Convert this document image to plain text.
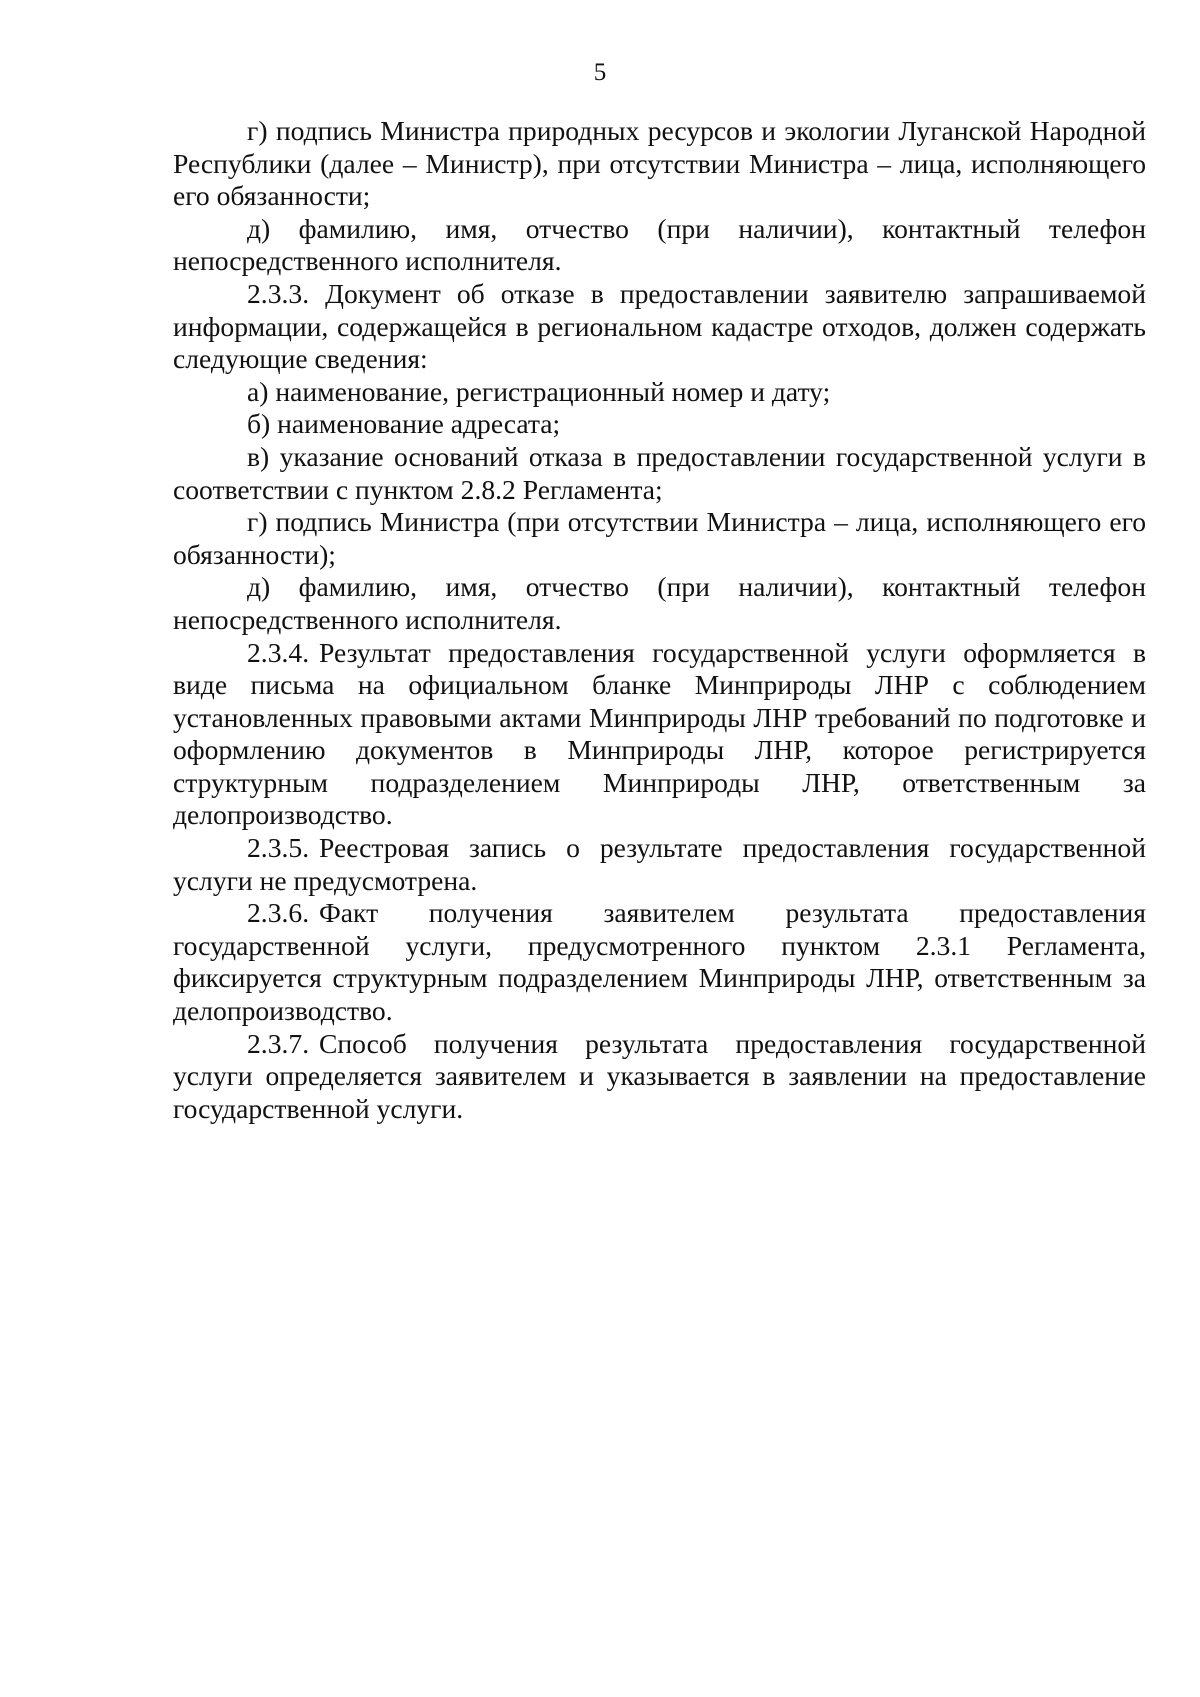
5

г) подпись Министра природных ресурсов и экологии Луганской Народной Республики (далее – Министр), при отсутствии Министра – лица, исполняющего его обязанности;

д) фамилию, имя, отчество (при наличии), контактный телефон непосредственного исполнителя.

2.3.3. Документ об отказе в предоставлении заявителю запрашиваемой информации, содержащейся в региональном кадастре отходов, должен содержать следующие сведения:

а) наименование, регистрационный номер и дату;

б) наименование адресата;

в) указание оснований отказа в предоставлении государственной услуги в соответствии с пунктом 2.8.2 Регламента;

г) подпись Министра (при отсутствии Министра – лица, исполняющего его обязанности);

д) фамилию, имя, отчество (при наличии), контактный телефон непосредственного исполнителя.

2.3.4. Результат предоставления государственной услуги оформляется в виде письма на официальном бланке Минприроды ЛНР с соблюдением установленных правовыми актами Минприроды ЛНР требований по подготовке и оформлению документов в Минприроды ЛНР, которое регистрируется структурным подразделением Минприроды ЛНР, ответственным за делопроизводство.

2.3.5. Реестровая запись о результате предоставления государственной услуги не предусмотрена.

2.3.6. Факт получения заявителем результата предоставления государственной услуги, предусмотренного пунктом 2.3.1 Регламента, фиксируется структурным подразделением Минприроды ЛНР, ответственным за делопроизводство.

2.3.7. Способ получения результата предоставления государственной услуги определяется заявителем и указывается в заявлении на предоставление государственной услуги.
